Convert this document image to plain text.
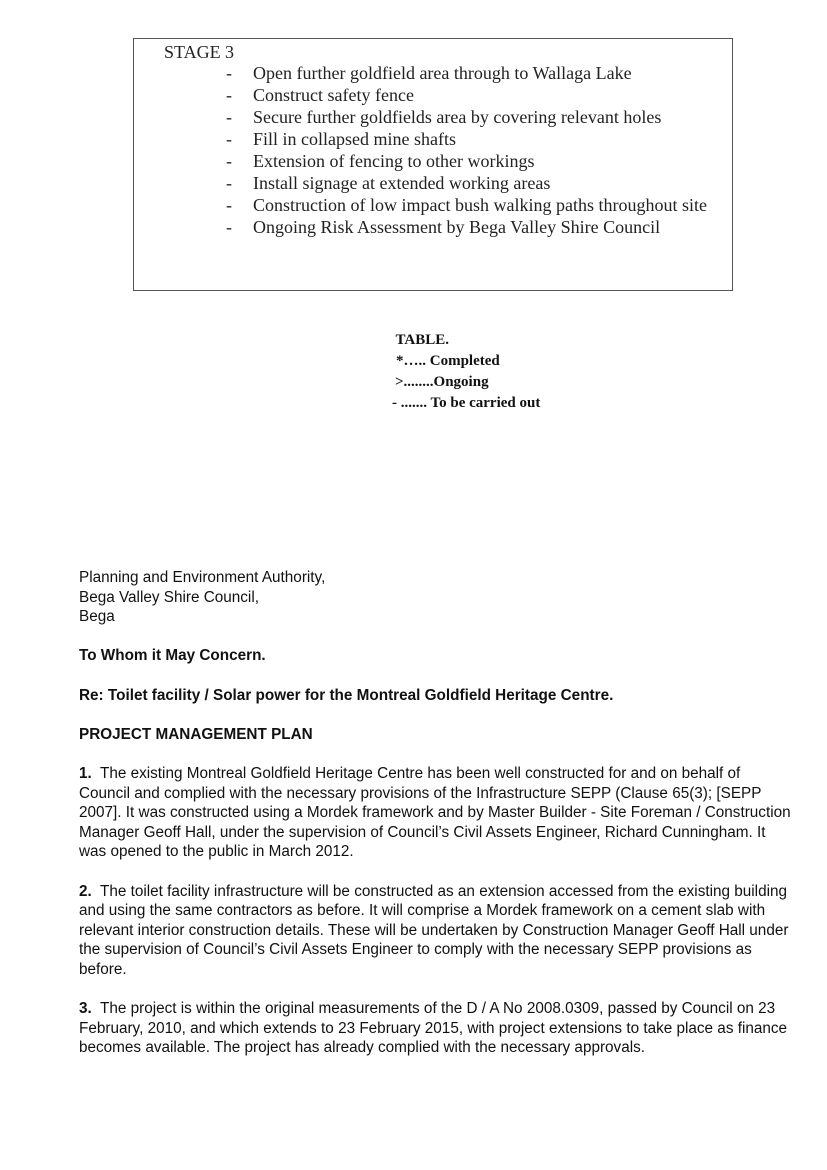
STAGE 3
- Open further goldfield area through to Wallaga Lake
- Construct safety fence
- Secure further goldfields area by covering relevant holes
- Fill in collapsed mine shafts
- Extension of fencing to other workings
- Install signage at extended working areas
- Construction of low impact bush walking paths throughout site
- Ongoing Risk Assessment by Bega Valley Shire Council
TABLE.
*….. Completed
>........Ongoing
- ....... To be carried out

Planning and Environment Authority,

Bega Valley Shire Council,

Bega

To Whom it May Concern.

Re: Toilet facility / Solar power for the Montreal Goldfield Heritage Centre.

PROJECT MANAGEMENT PLAN

1. The existing Montreal Goldfield Heritage Centre has been well constructed for and on behalf of Council and complied with the necessary provisions of the Infrastructure SEPP (Clause 65(3); [SEPP 2007]. It was constructed using a Mordek framework and by Master Builder - Site Foreman / Construction Manager Geoff Hall, under the supervision of Council’s Civil Assets Engineer, Richard Cunningham. It was opened to the public in March 2012.

2. The toilet facility infrastructure will be constructed as an extension accessed from the existing building and using the same contractors as before. It will comprise a Mordek framework on a cement slab with relevant interior construction details. These will be undertaken by Construction Manager Geoff Hall under the supervision of Council’s Civil Assets Engineer to comply with the necessary SEPP provisions as before.

3. The project is within the original measurements of the D / A No 2008.0309, passed by Council on 23 February, 2010, and which extends to 23 February 2015, with project extensions to take place as finance becomes available. The project has already complied with the necessary approvals.
